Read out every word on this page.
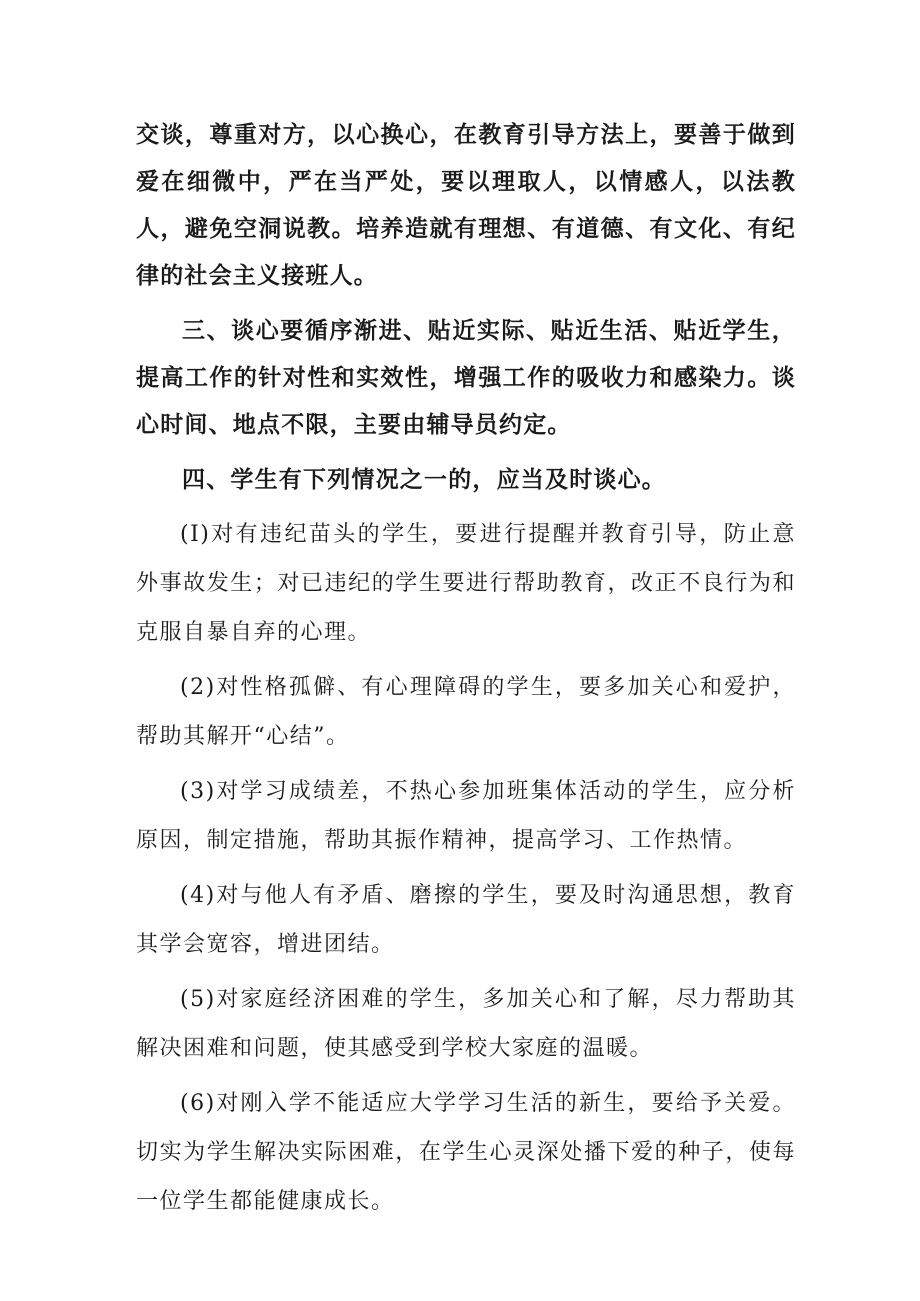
交谈，尊重对方，以心换心，在教育引导方法上，要善于做到爱在细微中，严在当严处，要以理取人，以情感人，以法教人，避免空洞说教。培养造就有理想、有道德、有文化、有纪律的社会主义接班人。

三、谈心要循序渐进、贴近实际、贴近生活、贴近学生，提高工作的针对性和实效性，增强工作的吸收力和感染力。谈心时间、地点不限，主要由辅导员约定。

四、学生有下列情况之一的，应当及时谈心。

(I)对有违纪苗头的学生，要进行提醒并教育引导，防止意外事故发生；对已违纪的学生要进行帮助教育，改正不良行为和克服自暴自弃的心理。

(2)对性格孤僻、有心理障碍的学生，要多加关心和爱护，帮助其解开“心结”。

(3)对学习成绩差，不热心参加班集体活动的学生，应分析原因，制定措施，帮助其振作精神，提高学习、工作热情。

(4)对与他人有矛盾、磨擦的学生，要及时沟通思想，教育其学会宽容，增进团结。

(5)对家庭经济困难的学生，多加关心和了解，尽力帮助其解决困难和问题，使其感受到学校大家庭的温暖。

(6)对刚入学不能适应大学学习生活的新生，要给予关爱。切实为学生解决实际困难，在学生心灵深处播下爱的种子，使每一位学生都能健康成长。
